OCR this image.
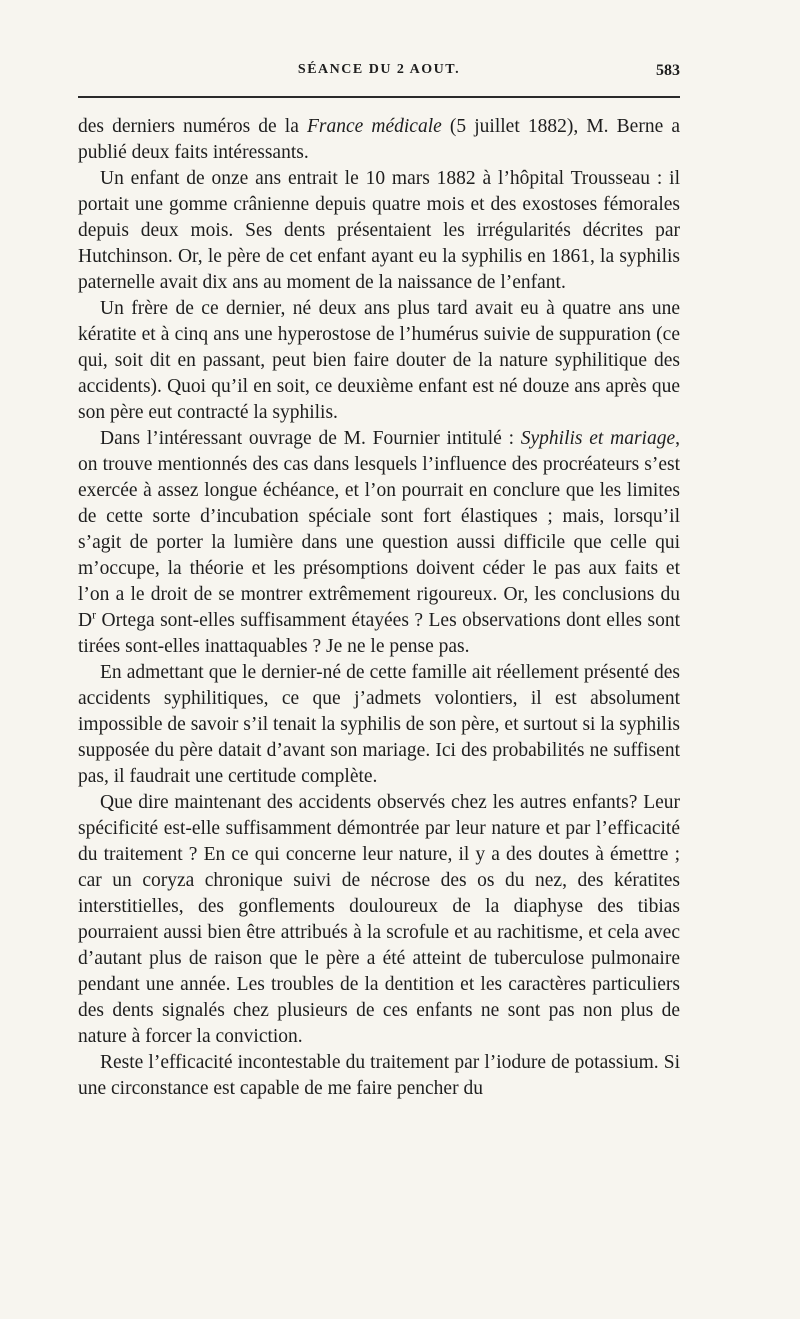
SÉANCE DU 2 AOUT.	583

des derniers numéros de la France médicale (5 juillet 1882), M. Berne a publié deux faits intéressants.

Un enfant de onze ans entrait le 10 mars 1882 à l’hôpital Trousseau : il portait une gomme crânienne depuis quatre mois et des exostoses fémorales depuis deux mois. Ses dents présentaient les irrégularités décrites par Hutchinson. Or, le père de cet enfant ayant eu la syphilis en 1861, la syphilis paternelle avait dix ans au moment de la naissance de l’enfant.

Un frère de ce dernier, né deux ans plus tard avait eu à quatre ans une kératite et à cinq ans une hyperostose de l’humérus suivie de suppuration (ce qui, soit dit en passant, peut bien faire douter de la nature syphilitique des accidents). Quoi qu’il en soit, ce deuxième enfant est né douze ans après que son père eut contracté la syphilis.

Dans l’intéressant ouvrage de M. Fournier intitulé : Syphilis et mariage, on trouve mentionnés des cas dans lesquels l’influence des procréateurs s’est exercée à assez longue échéance, et l’on pourrait en conclure que les limites de cette sorte d’incubation spéciale sont fort élastiques ; mais, lorsqu’il s’agit de porter la lumière dans une question aussi difficile que celle qui m’occupe, la théorie et les présomptions doivent céder le pas aux faits et l’on a le droit de se montrer extrêmement rigoureux. Or, les conclusions du $D^r$ Ortega sont-elles suffisamment étayées ? Les observations dont elles sont tirées sont-elles inattaquables ? Je ne le pense pas.

En admettant que le dernier-né de cette famille ait réellement présenté des accidents syphilitiques, ce que j’admets volontiers, il est absolument impossible de savoir s’il tenait la syphilis de son père, et surtout si la syphilis supposée du père datait d’avant son mariage. Ici des probabilités ne suffisent pas, il faudrait une certitude complète.

Que dire maintenant des accidents observés chez les autres enfants? Leur spécificité est-elle suffisamment démontrée par leur nature et par l’efficacité du traitement ? En ce qui concerne leur nature, il y a des doutes à émettre ; car un coryza chronique suivi de nécrose des os du nez, des kératites interstitielles, des gonflements douloureux de la diaphyse des tibias pourraient aussi bien être attribués à la scrofule et au rachitisme, et cela avec d’autant plus de raison que le père a été atteint de tuberculose pulmonaire pendant une année. Les troubles de la dentition et les caractères particuliers des dents signalés chez plusieurs de ces enfants ne sont pas non plus de nature à forcer la conviction.

Reste l’efficacité incontestable du traitement par l’iodure de potassium. Si une circonstance est capable de me faire pencher du
